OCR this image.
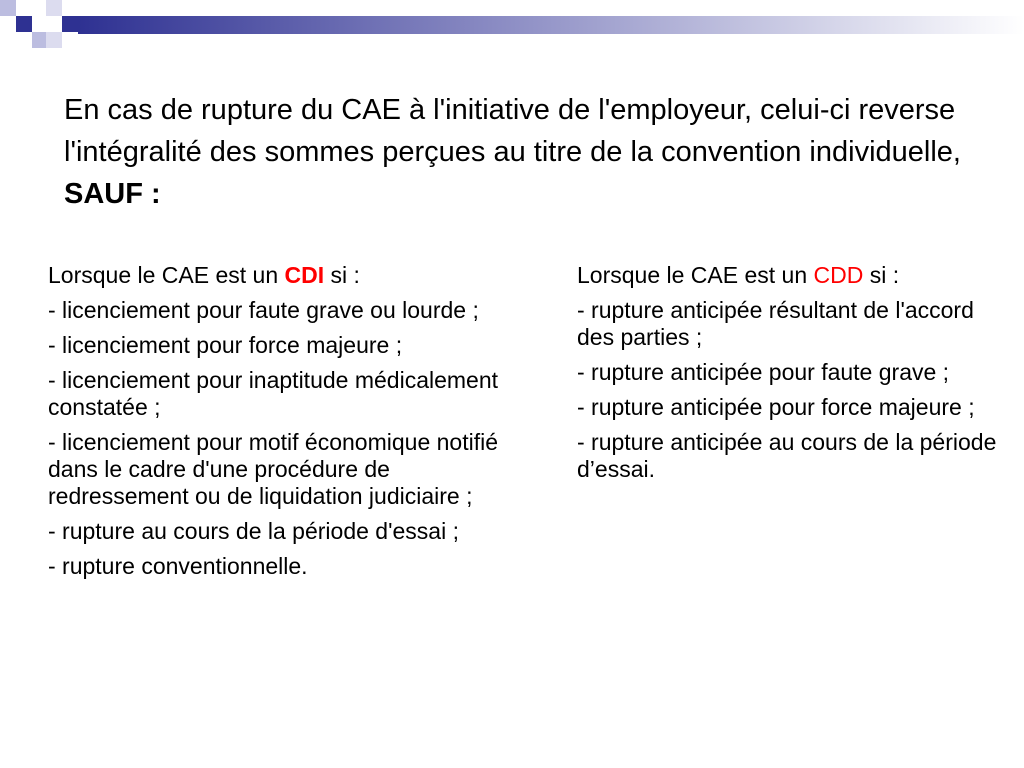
En cas de rupture du CAE à l'initiative de l'employeur, celui-ci reverse l'intégralité des sommes perçues au titre de la convention individuelle, SAUF :

Lorsque le CAE est un CDI si :

- licenciement pour faute grave ou lourde ;

- licenciement pour force majeure ;

- licenciement pour inaptitude médicalement constatée ;

- licenciement pour motif économique notifié dans le cadre d'une procédure de redressement ou de liquidation judiciaire ;

- rupture au cours de la période d'essai ;

- rupture conventionnelle.

Lorsque le CAE est un CDD si :

- rupture anticipée résultant de l'accord des parties ;

- rupture anticipée pour faute grave ;

- rupture anticipée pour force majeure ;

- rupture anticipée au cours de la période d’essai.
